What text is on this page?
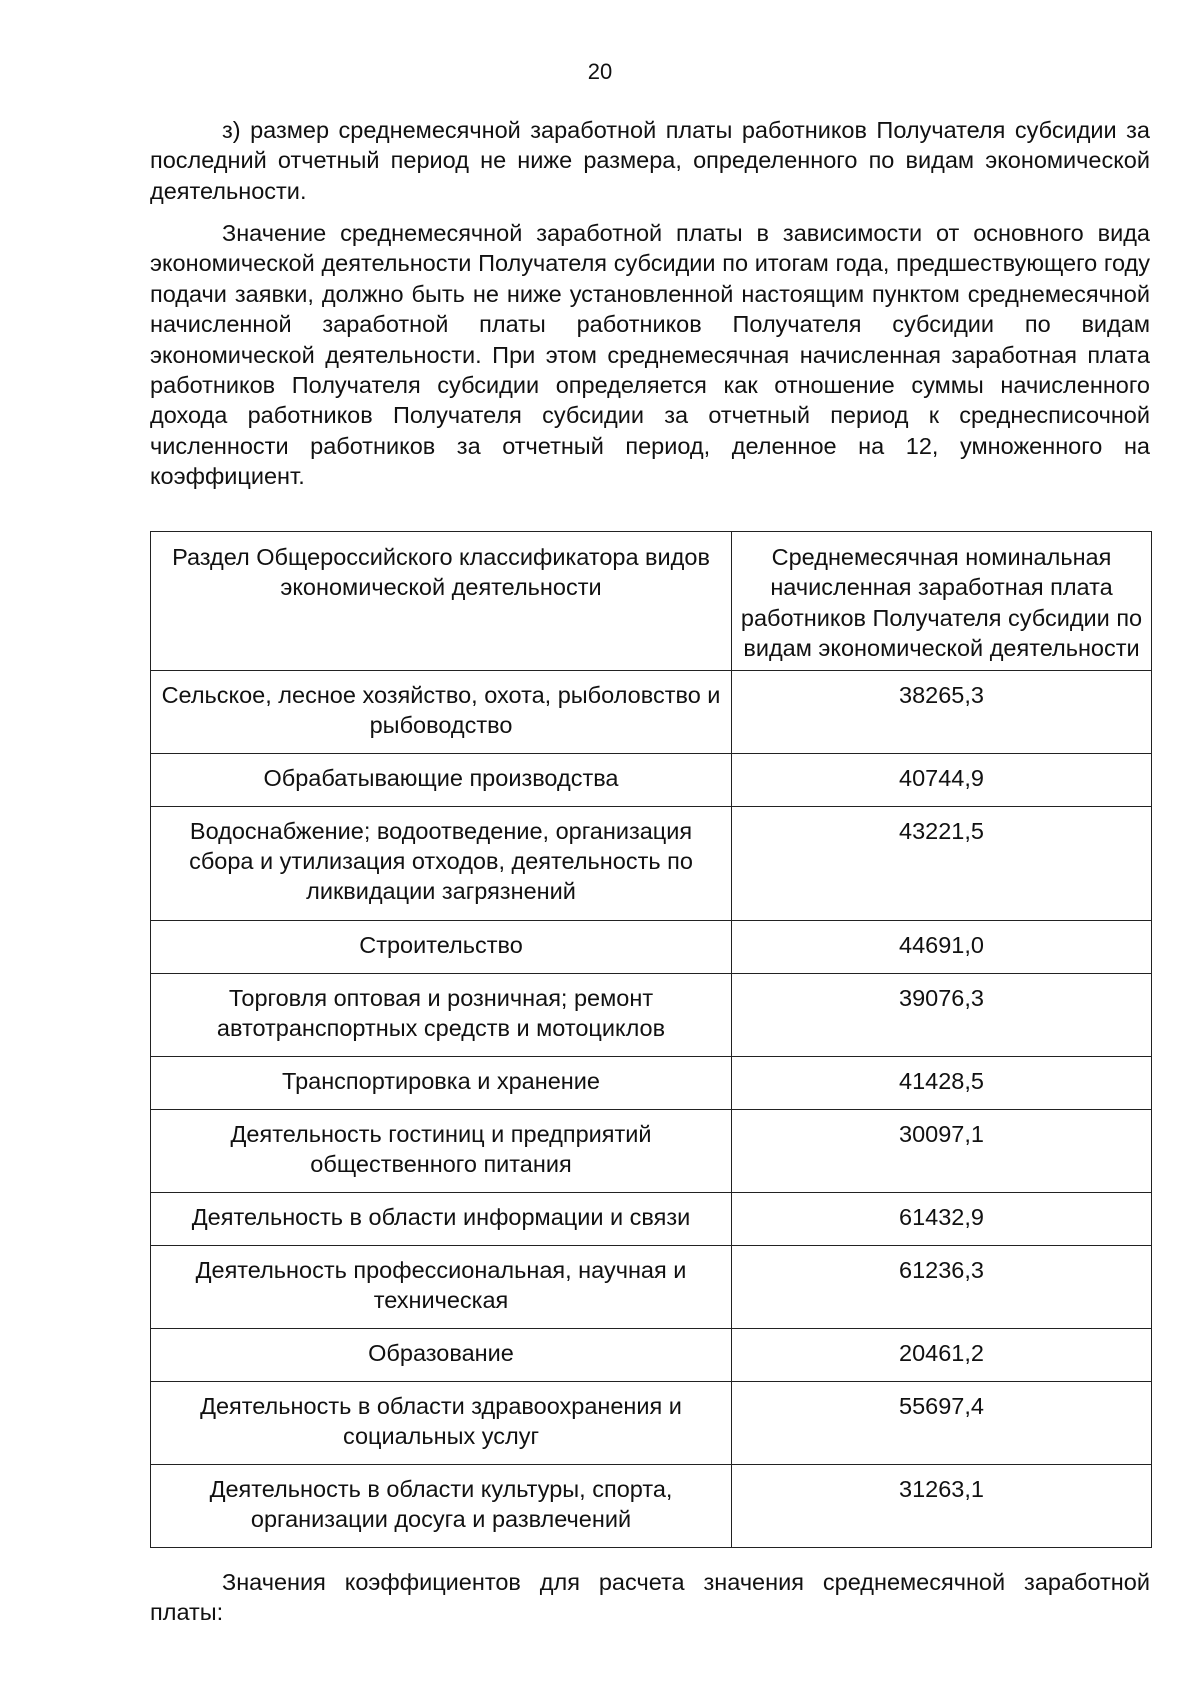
20

з) размер среднемесячной заработной платы работников Получателя субсидии за последний отчетный период не ниже размера, определенного по видам экономической деятельности.

Значение среднемесячной заработной платы в зависимости от основного вида экономической деятельности Получателя субсидии по итогам года, предшествующего году подачи заявки, должно быть не ниже установленной настоящим пунктом среднемесячной начисленной заработной платы работников Получателя субсидии по видам экономической деятельности. При этом среднемесячная начисленная заработная плата работников Получателя субсидии определяется как отношение суммы начисленного дохода работников Получателя субсидии за отчетный период к среднесписочной численности работников за отчетный период, деленное на 12, умноженного на коэффициент.

Раздел Общероссийского классификатора видов экономической деятельности	Среднемесячная номинальная начисленная заработная плата работников Получателя субсидии по видам экономической деятельности
Сельское, лесное хозяйство, охота, рыболовство и рыбоводство	38265,3
Обрабатывающие производства	40744,9
Водоснабжение; водоотведение, организация сбора и утилизация отходов, деятельность по ликвидации загрязнений	43221,5
Строительство	44691,0
Торговля оптовая и розничная; ремонт автотранспортных средств и мотоциклов	39076,3
Транспортировка и хранение	41428,5
Деятельность гостиниц и предприятий общественного питания	30097,1
Деятельность в области информации и связи	61432,9
Деятельность профессиональная, научная и техническая	61236,3
Образование	20461,2
Деятельность в области здравоохранения и социальных услуг	55697,4
Деятельность в области культуры, спорта, организации досуга и развлечений	31263,1

Значения коэффициентов для расчета значения среднемесячной заработной платы:
